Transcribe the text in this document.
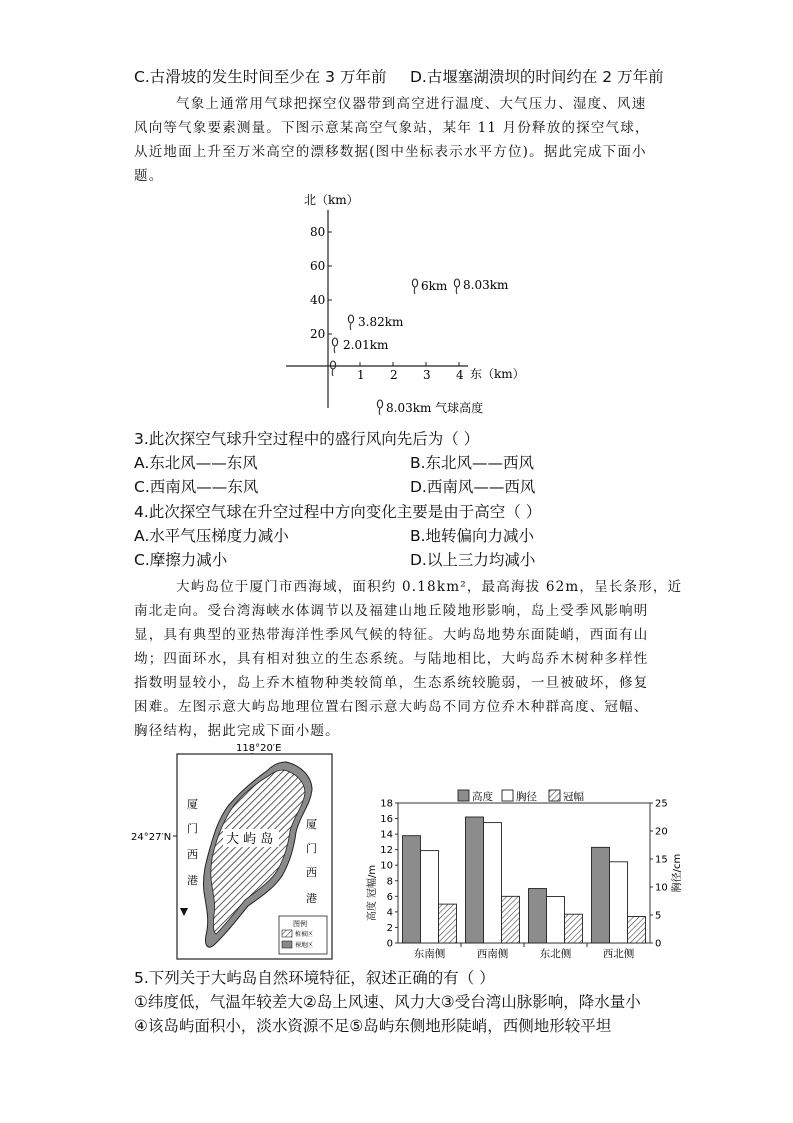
C.古滑坡的发生时间至少在 3 万年前 D.古堰塞湖溃坝的时间约在 2 万年前
气象上通常用气球把探空仪器带到高空进行温度、大气压力、湿度、风速
风向等气象要素测量。下图示意某高空气象站，某年 11 月份释放的探空气球，
从近地面上升至万米高空的漂移数据(图中坐标表示水平方位)。据此完成下面小
题。
北（km）
80
60
40
20
1 2 3 4 东（km）
2.01km
3.82km
6km 8.03km
8.03km 气球高度
3.此次探空气球升空过程中的盛行风向先后为（ ）
A.东北风——东风	B.东北风——西风
C.西南风——东风	D.西南风——西风
4.此次探空气球在升空过程中方向变化主要是由于高空（ ）
A.水平气压梯度力减小	B.地转偏向力减小
C.摩擦力减小	D.以上三力均减小
大屿岛位于厦门市西海域，面积约 0.18km²，最高海拔 62m，呈长条形，近
南北走向。受台湾海峡水体调节以及福建山地丘陵地形影响，岛上受季风影响明
显，具有典型的亚热带海洋性季风气候的特征。大屿岛地势东面陡峭，西面有山
坳；四面环水，具有相对独立的生态系统。与陆地相比，大屿岛乔木树种多样性
指数明显较小，岛上乔木植物种类较简单，生态系统较脆弱，一旦被破坏，修复
困难。左图示意大屿岛地理位置右图示意大屿岛不同方位乔木种群高度、冠幅、
胸径结构，据此完成下面小题。
118°20′E
24°27′N	大 屿 岛
厦
门
西
港
厦
门
西
港
图例
植被区
裸地区
高度 胸径 冠幅
0
2
4
6
8
10
12
14
16
18
0
5
10
15
20
25
东南侧	西南侧	东北侧	西北侧
高度 冠幅/m	胸径/cm
5.下列关于大屿岛自然环境特征，叙述正确的有（ ）
①纬度低，气温年较差大②岛上风速、风力大③受台湾山脉影响，降水量小
④该岛屿面积小，淡水资源不足⑤岛屿东侧地形陡峭，西侧地形较平坦
